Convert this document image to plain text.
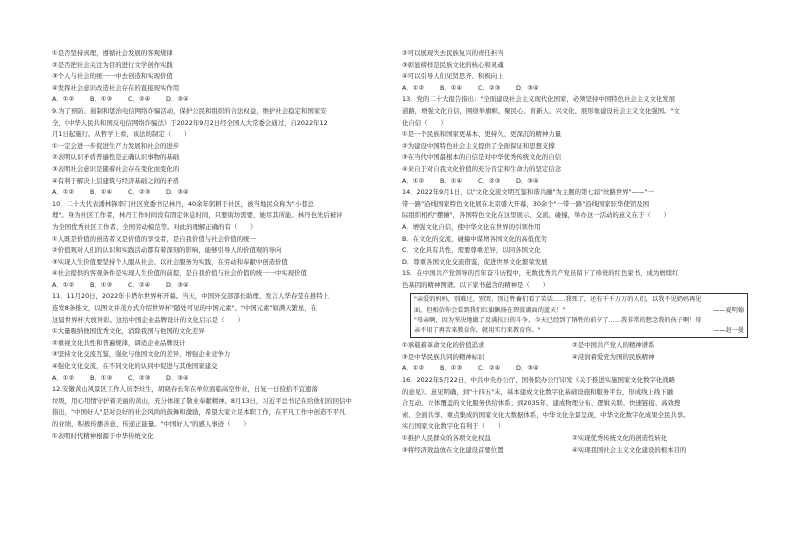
①是否坚持真理，遵循社会发展的客观规律
②是否把社会关注为目的进行文学创作实践
③个人与社会的统一一中去创造和实现价值
④发挥社会意识改造社会存在的直接现实作用
A．①② B．①③ C．②④ D．③④
9.为了预防、遏制和惩治电信网络诈骗活动，保护公民和组织的合法权益，维护社会稳定和国家安
全，《中华人民共和国反电信网络诈骗法》于2022年9月2日经全国人大常委会通过，自2022年12
月1日起施行。从哲学上看，该法的制定（　　）
①一定会进一步促进生产力发展和社会的进步
②表明认识矛盾普遍性是正确认识事物的基础
③表明社会意识是随着社会存在变化而变化的
④有利于解决上层建筑与经济基础之间的矛盾
A．①② B．①④ C．②③ D．③④
10．二十大代表潘林锋率门社区党委书记林丹，40余年躬耕于社区，被当地民众称为"小巷总
理"。身为社区工作者，林丹工作时间没有固定休息时间，只要街坊需要，她尽其所能。林丹也先后被评
为全国优秀社区工作者、全国劳动模范等。对此的理解正确的有（　　）
①人既是价值的创造者又是价值的享受者，是自我价值与社会价值的统一
②价值观对人们的认识和实践活动都有着深刻的影响，能够引导人的价值观的导向
③实现人生价值要坚持个人服从社会、以社会服务为实践，在劳动和奉献中创造价值
④社会提供的客观条件是实现人生价值的前提，是自我价值与社会价值的统一一中实现价值
A．①② B．①③ C．②④ D．③④
11．11月20日，2022年卡塔尔世界杯开幕。当天，中国外交部部长助理、发言人华春莹在推特上
连发8条推文，以图文并茂方式介绍世界杯"随处可见的中国元素"。"中国元素"如满天繁星，在
这届世界杯大放异彩。这给中国企业品牌设计的文化启示是（　　）
①大量吸纳他国优秀文化，消除我国与他国的文化差异
②重视文化共性和普遍规律，调适企业品牌设计
③坚持文化交流互鉴，强化与他国文化的差异，增强企业竞争力
④强化文化交流，在不同文化的认同中促进与其他国家建交
A．①② B．①③ C．②③ D．③④
12.安徽黄山风景区工作人员李灶生，胡晓春长年在单位面临高空作业，日复一日捡拾不宜遗落
垃圾，用心用情守护着美丽的黄山，充分体现了敬业奉献精神。8月13日，习近平总书记在给他们的回信中
指出，"中国好人"是对良好的社会风尚的鼓舞和激励，希望大家立足本职工作，在平凡工作中创造不平凡
的业绩，积极传播善意、传递正能量。"中国好人"的感人事迹（　　）
①表明时代精神根源于中华传统文化
②可以展现失去民族复兴的责任担当
③彰显榜样是民族文化的核心和灵魂
④可以引导人们见贤思齐、积极向上
A．①② B．①④ C．②③ D．③④
13．党的二十大报告指出："全面建设社会主义现代化国家，必须坚持中国特色社会主义文化发展
道路，增强文化自信，围绕举旗帜、聚民心、育新人、兴文化、展形象建设社会主义文化强国。"文
化自信（　　）
①是一个民族和国家更基本、更持久、更深沉的精神力量
②为建设中国特色社会主义提供了全面保证和思想支撑
③在当代中国最根本的自信是对中华优秀传统文化的自信
④来自于对自我文化价值的充分肯定和生命力的坚定信念
A．①② B．①④ C．②③ D．③④
14．2022年9月1日，以"文化交流文明互鉴和谐共融"为主题的第七届"丝路世界"——"一
带一路"沿线国家特色文化展在北京盛大开幕，30余个"一带一路"沿线国家驻华使馆及国
际组织相约"摆摊"，各国特色文化在这里展示、交流、碰撞，举办这一活动的意义在于（　　）
A．增强文化自信，使中华文化在世界的引领作用
B．在文化的交流，碰撞中谋增各国文化的高低优劣
C．文化具有共性，需要尊重差异，以同各国文化
D．尊重各国文化交流借鉴，促进世界文化繁荣发展
15．在中国共产党领导的百年奋斗历程中，无数优秀共产党员留下了珍贵的红色家书，成为磨续红
色基因的精神图谱。以下家书蕴含的精神是（　　）
"亲爱的妈妈，别难过，别哭，别让牲畜们看了笑话……我死了，还有千千万万的人们，以我不见奶妈再见
面，但相信你会看到我们红旗飘扬在碧波湖面的蓝天！"	——夏明翰
"母亲啊，因为坚决地做了反满抗日的斗争，今天已经到了牺牲的前夕了……我非常的想念我的孩子啊！母
亲不用了再苦来教育你，就用实行来教育你。"	——赵一曼
①承载着革命文化的价值追求	②是中国共产党人的精神谱系
③是中华民族共同的精神标识	④浸润着爱党为国的民族精神
A．①② B．①③ C．②④ D．③④
16．2022年5月22日，中共中央办公厅、国务院办公厅印发《关于推进实施国家文化数字化战略
的意见》。意见明确，到"十四五"末，基本建成文化数字化基础设施和服务平台，形成线上线下融
合互动、立体覆盖的文化服务供给体系；到2035年，建成物理分布、逻辑关联、快速链接、高效搜
索、全面共享、重点集成的国家文化大数据体系，中华文化全景呈现，中华文化数字化成果全民共享。
实行国家文化数字化有利于（　　）
①推护人民群众的各项文化权益	②实现优秀传统文化的创造性转化
③将经济效益放在文化建设首要位置	④实现我国社会主义文化建设的根本目的
